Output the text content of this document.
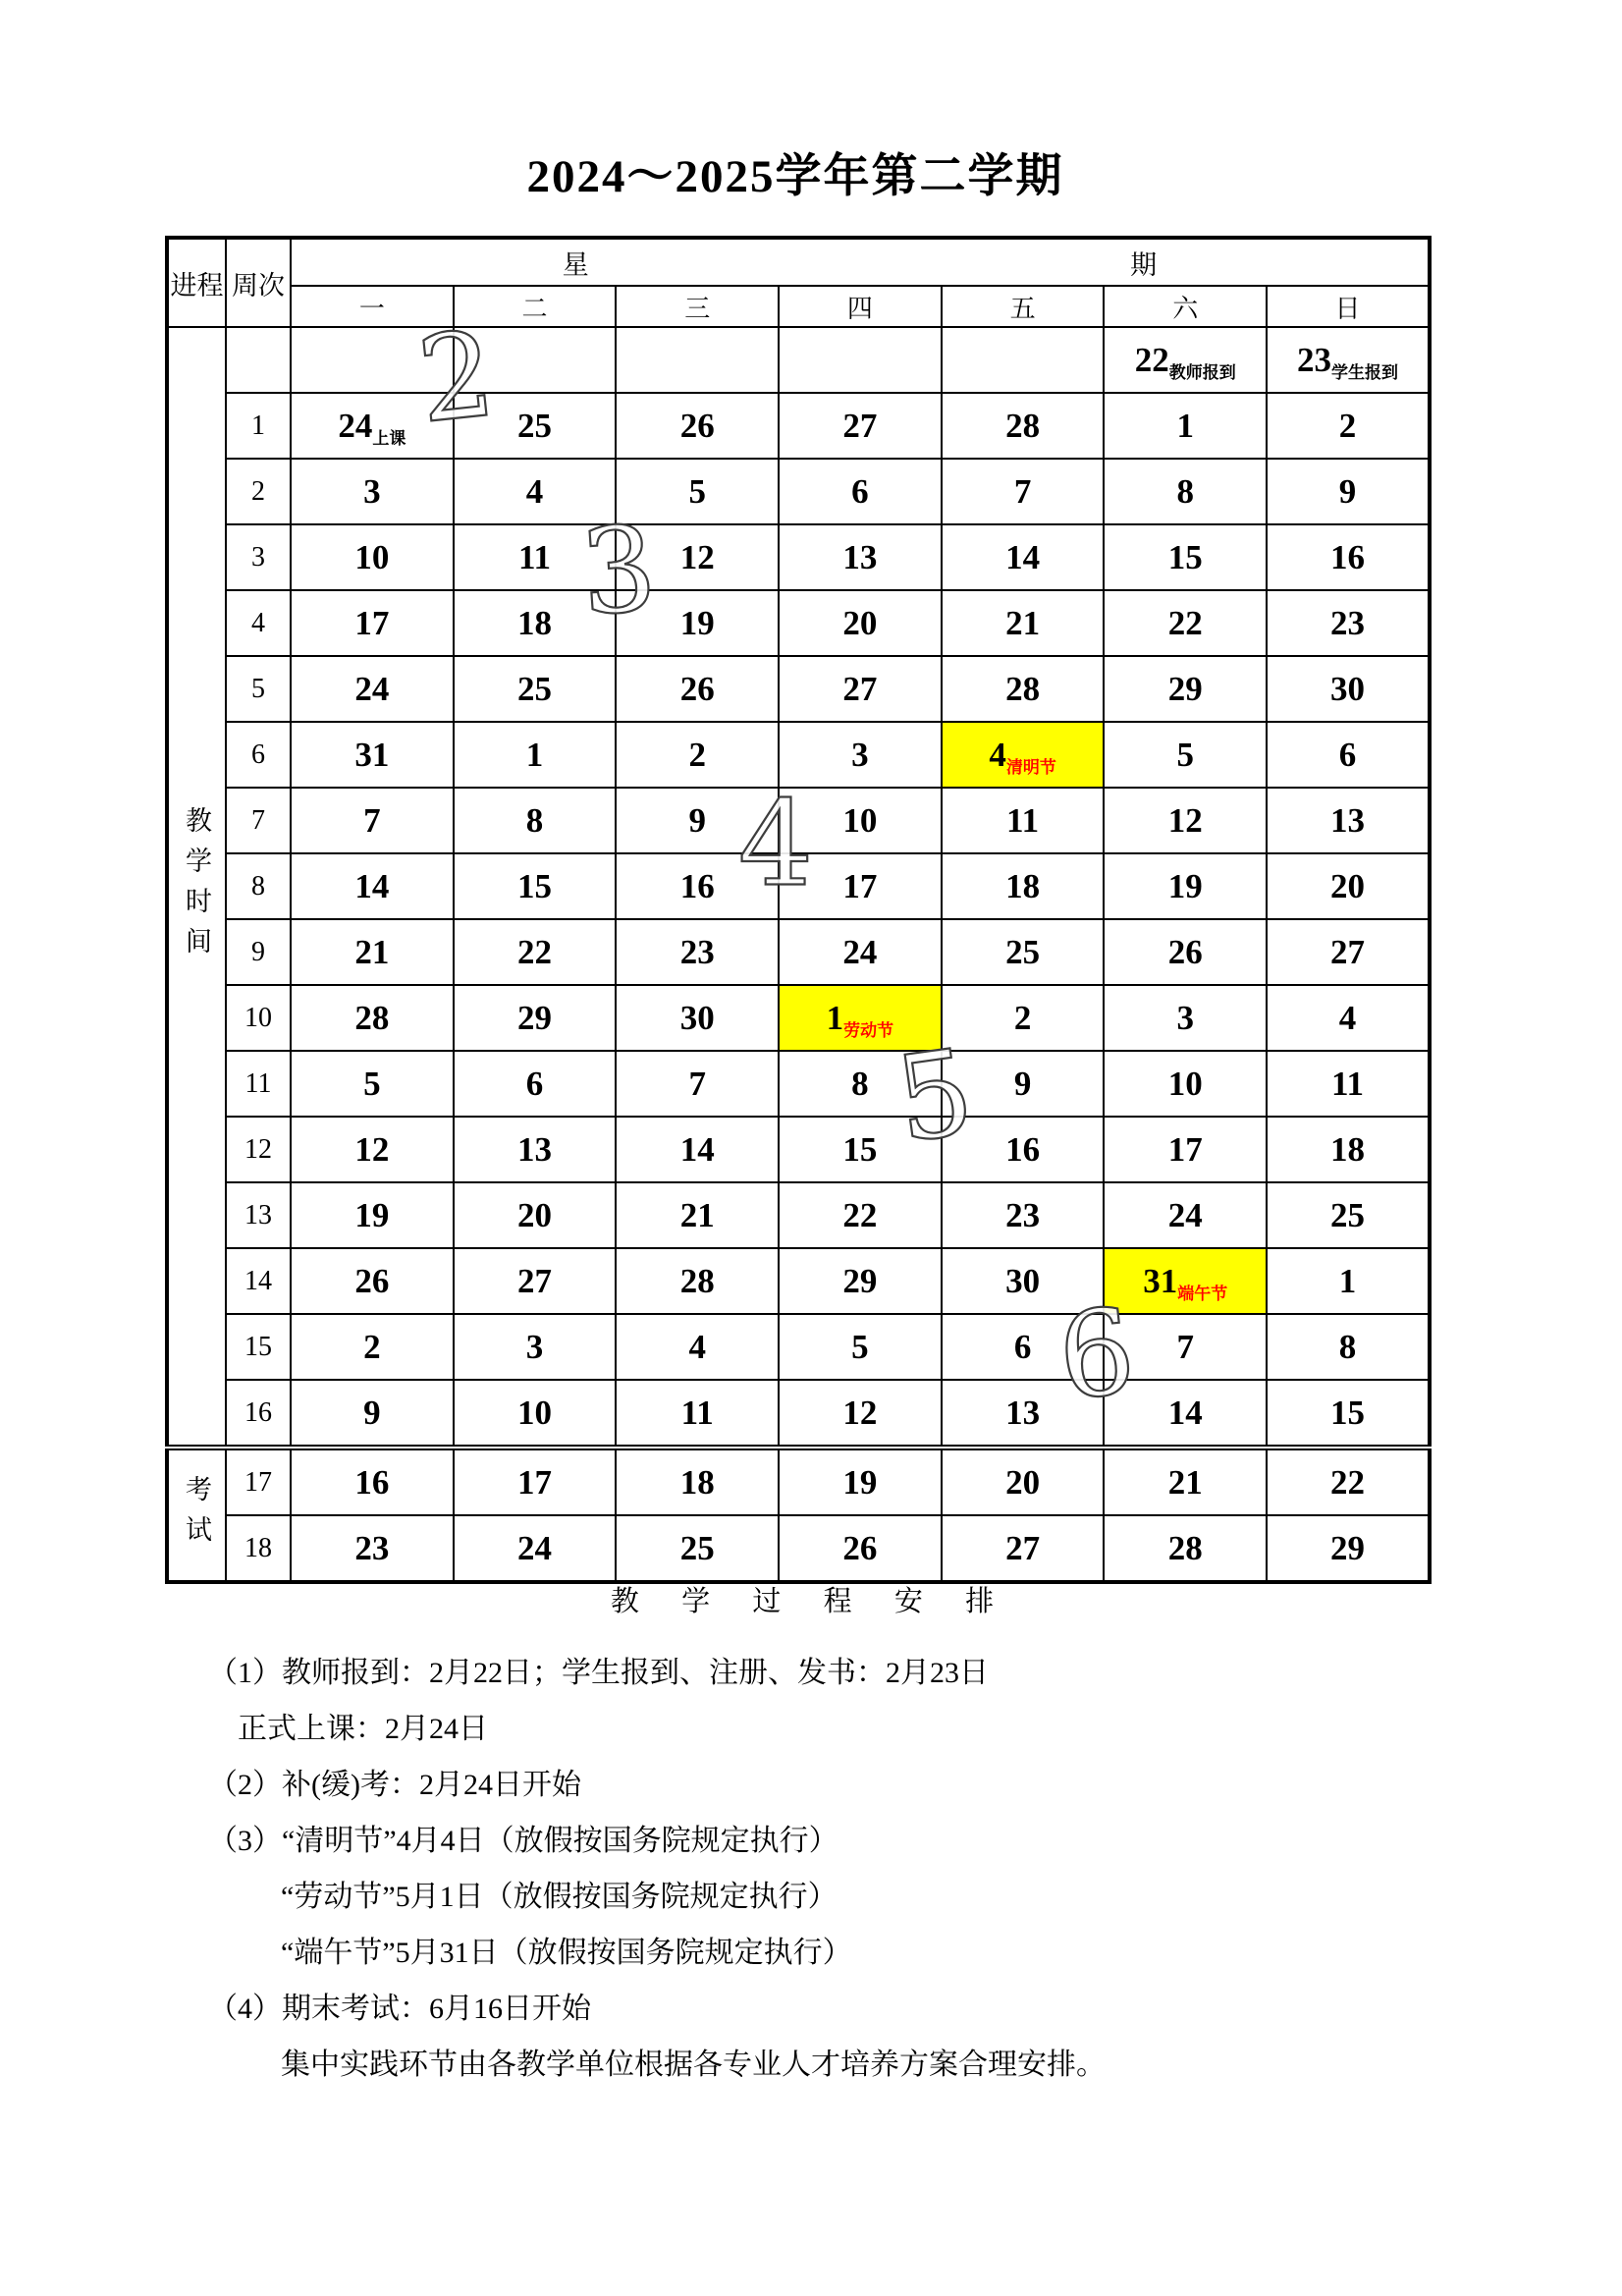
2024～2025学年第二学期
进程	周次	星 期						

		一	二	三	四	五	六	日
教学时间							22教师报到	23学生报到
	1	24上课	25	26	27	28	1	2
	2	3	4	5	6	7	8	9
	3	10	11	12	13	14	15	16
	4	17	18	19	20	21	22	23
	5	24	25	26	27	28	29	30
	6	31	1	2	3	4清明节	5	6
	7	7	8	9	10	11	12	13
	8	14	15	16	17	18	19	20
	9	21	22	23	24	25	26	27
	10	28	29	30	1劳动节	2	3	4
	11	5	6	7	8	9	10	11
	12	12	13	14	15	16	17	18
	13	19	20	21	22	23	24	25
	14	26	27	28	29	30	31端午节	1
	15	2	3	4	5	6	7	8
	16	9	10	11	12	13	14	15
考试	17	16	17	18	19	20	21	22
	18	23	24	25	26	27	28	29
2
3
4
5
6
教 学 过 程 安 排
（1）教师报到：2月22日；学生报到、注册、发书：2月23日
正式上课：2月24日
（2）补(缓)考：2月24日开始
（3）“清明节”4月4日（放假按国务院规定执行）
“劳动节”5月1日（放假按国务院规定执行）
“端午节”5月31日（放假按国务院规定执行）
（4）期末考试：6月16日开始
集中实践环节由各教学单位根据各专业人才培养方案合理安排。
